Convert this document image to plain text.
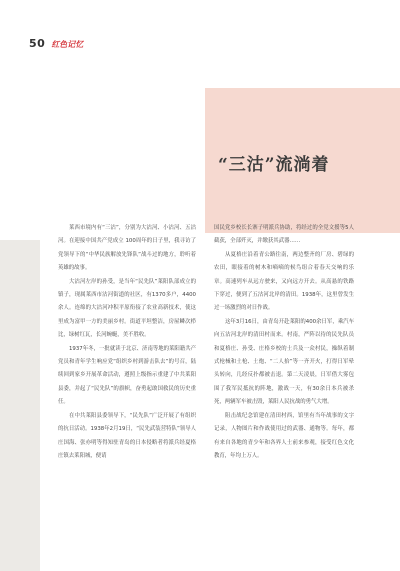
50 红色记忆
“三沽”流淌着

莱西市境内有“三沽”，分别为大沽河、小沽河、五沽河。在迎接中国共产党成立 100周年的日子里，我寻访了党领导下的“中华民族解放先锋队”战斗过的地方，聆听着英雄的故事。

大沽河左岸的孙受，是当年“民先队”莱阳队部成立的镇子，现属莱西市沽河街道的社区，有1370多户，4400余人。连绵的大沽河冲积平原衔接了农业高新技术，使这里成为富甲一方的美丽乡村。街道平坦整洁，房屋鳞次栉比，绿树红瓦，长河蜿蜒，美不胜收。

1937年冬，一批就读于北京、济南等地的莱阳籍共产党员和青年学生响应党“组织乡村到游击队去”的号召，陆续回到家乡开展革命活动，遵照上级指示重建了中共莱阳县委，并起了“民先队”的旗帜，奋勇起敢国救民的历史重任。

在中共莱阳县委领导下，“民先队”广泛开展了有组织的抗日活动。1938年2月19日，“民先武装营特队”领导人庄国海、张亦明等得知驻青岛的日本侵略者将派兵经夏格庄镇去莱阳城，便请

国民党乡校长长寨子明派兵协助，将经过的全党文援等5人截获，全部歼灭，并缴获其武器……

从夏格庄沿着青公路往南，两边整齐的厂房、碧绿的农田，眼接着的树木和嘀嘀的候鸟组合着春天交响的乐章。高速列车从远方驶来，又向远方开去。从高悬的铁路下穿过，便到了五沽河北岸的清田。1938年，这里曾发生过一场激烈的对日作战。

这年3月16日，由青岛开赴莱阳的400余日军，乘汽车向五沽河北岸的清田村而来。村南，严阵以待的民先队员和夏格庄、孙受、庄格乡校的士兵及一众村民，操纵着制式枪械和土枪、土炮、“二人抬”等一齐开火，打得日军晕头转向，几经反扑都被击退。第二天凌晨，日军借大雾包围了我军民抵抗的阵地，激战一天，有30余日本兵被杀死，两辆军车被击毁，莱阳人民抗战的勇气大增。

阻击战纪念馆建在清田村西，馆里有当年战事的文字记录，人物图片和作战使用过的武器、通物等。每年，都有来自各地的青少年和各界人士前来参观，接受红色文化教育，年均上万人。
